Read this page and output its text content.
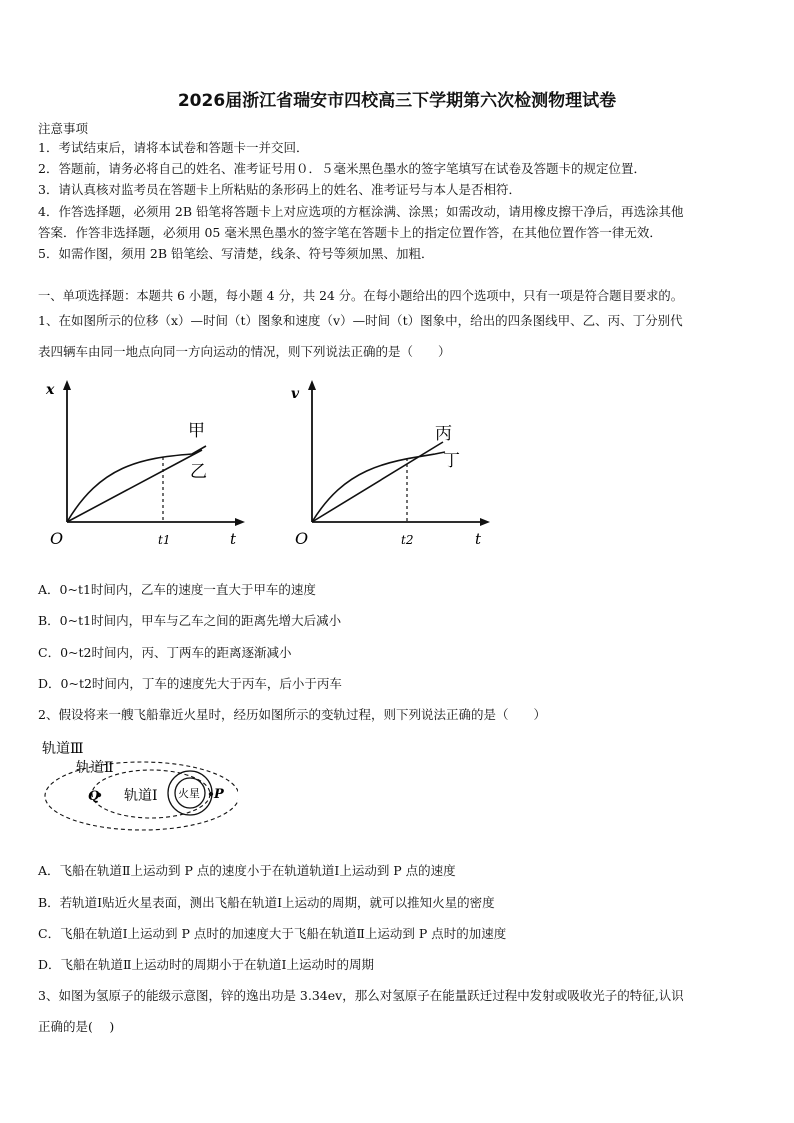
2026届浙江省瑞安市四校高三下学期第六次检测物理试卷
注意事项
1．考试结束后，请将本试卷和答题卡一并交回．
2．答题前，请务必将自己的姓名、准考证号用０．５毫米黑色墨水的签字笔填写在试卷及答题卡的规定位置．
3．请认真核对监考员在答题卡上所粘贴的条形码上的姓名、准考证号与本人是否相符．
4．作答选择题，必须用 2B 铅笔将答题卡上对应选项的方框涂满、涂黑；如需改动，请用橡皮擦干净后，再选涂其他
答案．作答非选择题，必须用 05 毫米黑色墨水的签字笔在答题卡上的指定位置作答，在其他位置作答一律无效．
5．如需作图，须用 2B 铅笔绘、写清楚，线条、符号等须加黑、加粗．
一、单项选择题：本题共 6 小题，每小题 4 分，共 24 分。在每小题给出的四个选项中，只有一项是符合题目要求的。
1、在如图所示的位移（x）—时间（t）图象和速度（v）—时间（t）图象中，给出的四条图线甲、乙、丙、丁分别代
表四辆车由同一地点向同一方向运动的情况，则下列说法正确的是（　　）
x
O	t1	t
甲
乙
v
O	t2	t
丙
丁
A．0~t1时间内，乙车的速度一直大于甲车的速度
B．0~t1时间内，甲车与乙车之间的距离先增大后减小
C．0~t2时间内，丙、丁两车的距离逐渐减小
D．0~t2时间内，丁车的速度先大于丙车，后小于丙车
2、假设将来一艘飞船靠近火星时，经历如图所示的变轨过程，则下列说法正确的是（　　）
轨道Ⅲ
轨道Ⅱ
轨道Ⅰ 火星
Q	P
A．飞船在轨道Ⅱ上运动到 P 点的速度小于在轨道轨道Ⅰ上运动到 P 点的速度
B．若轨道Ⅰ贴近火星表面，测出飞船在轨道Ⅰ上运动的周期，就可以推知火星的密度
C．飞船在轨道Ⅰ上运动到 P 点时的加速度大于飞船在轨道Ⅱ上运动到 P 点时的加速度
D．飞船在轨道Ⅱ上运动时的周期小于在轨道Ⅰ上运动时的周期
3、如图为氢原子的能级示意图，锌的逸出功是 3.34ev，那么对氢原子在能量跃迁过程中发射或吸收光子的特征,认识
正确的是(　 )
